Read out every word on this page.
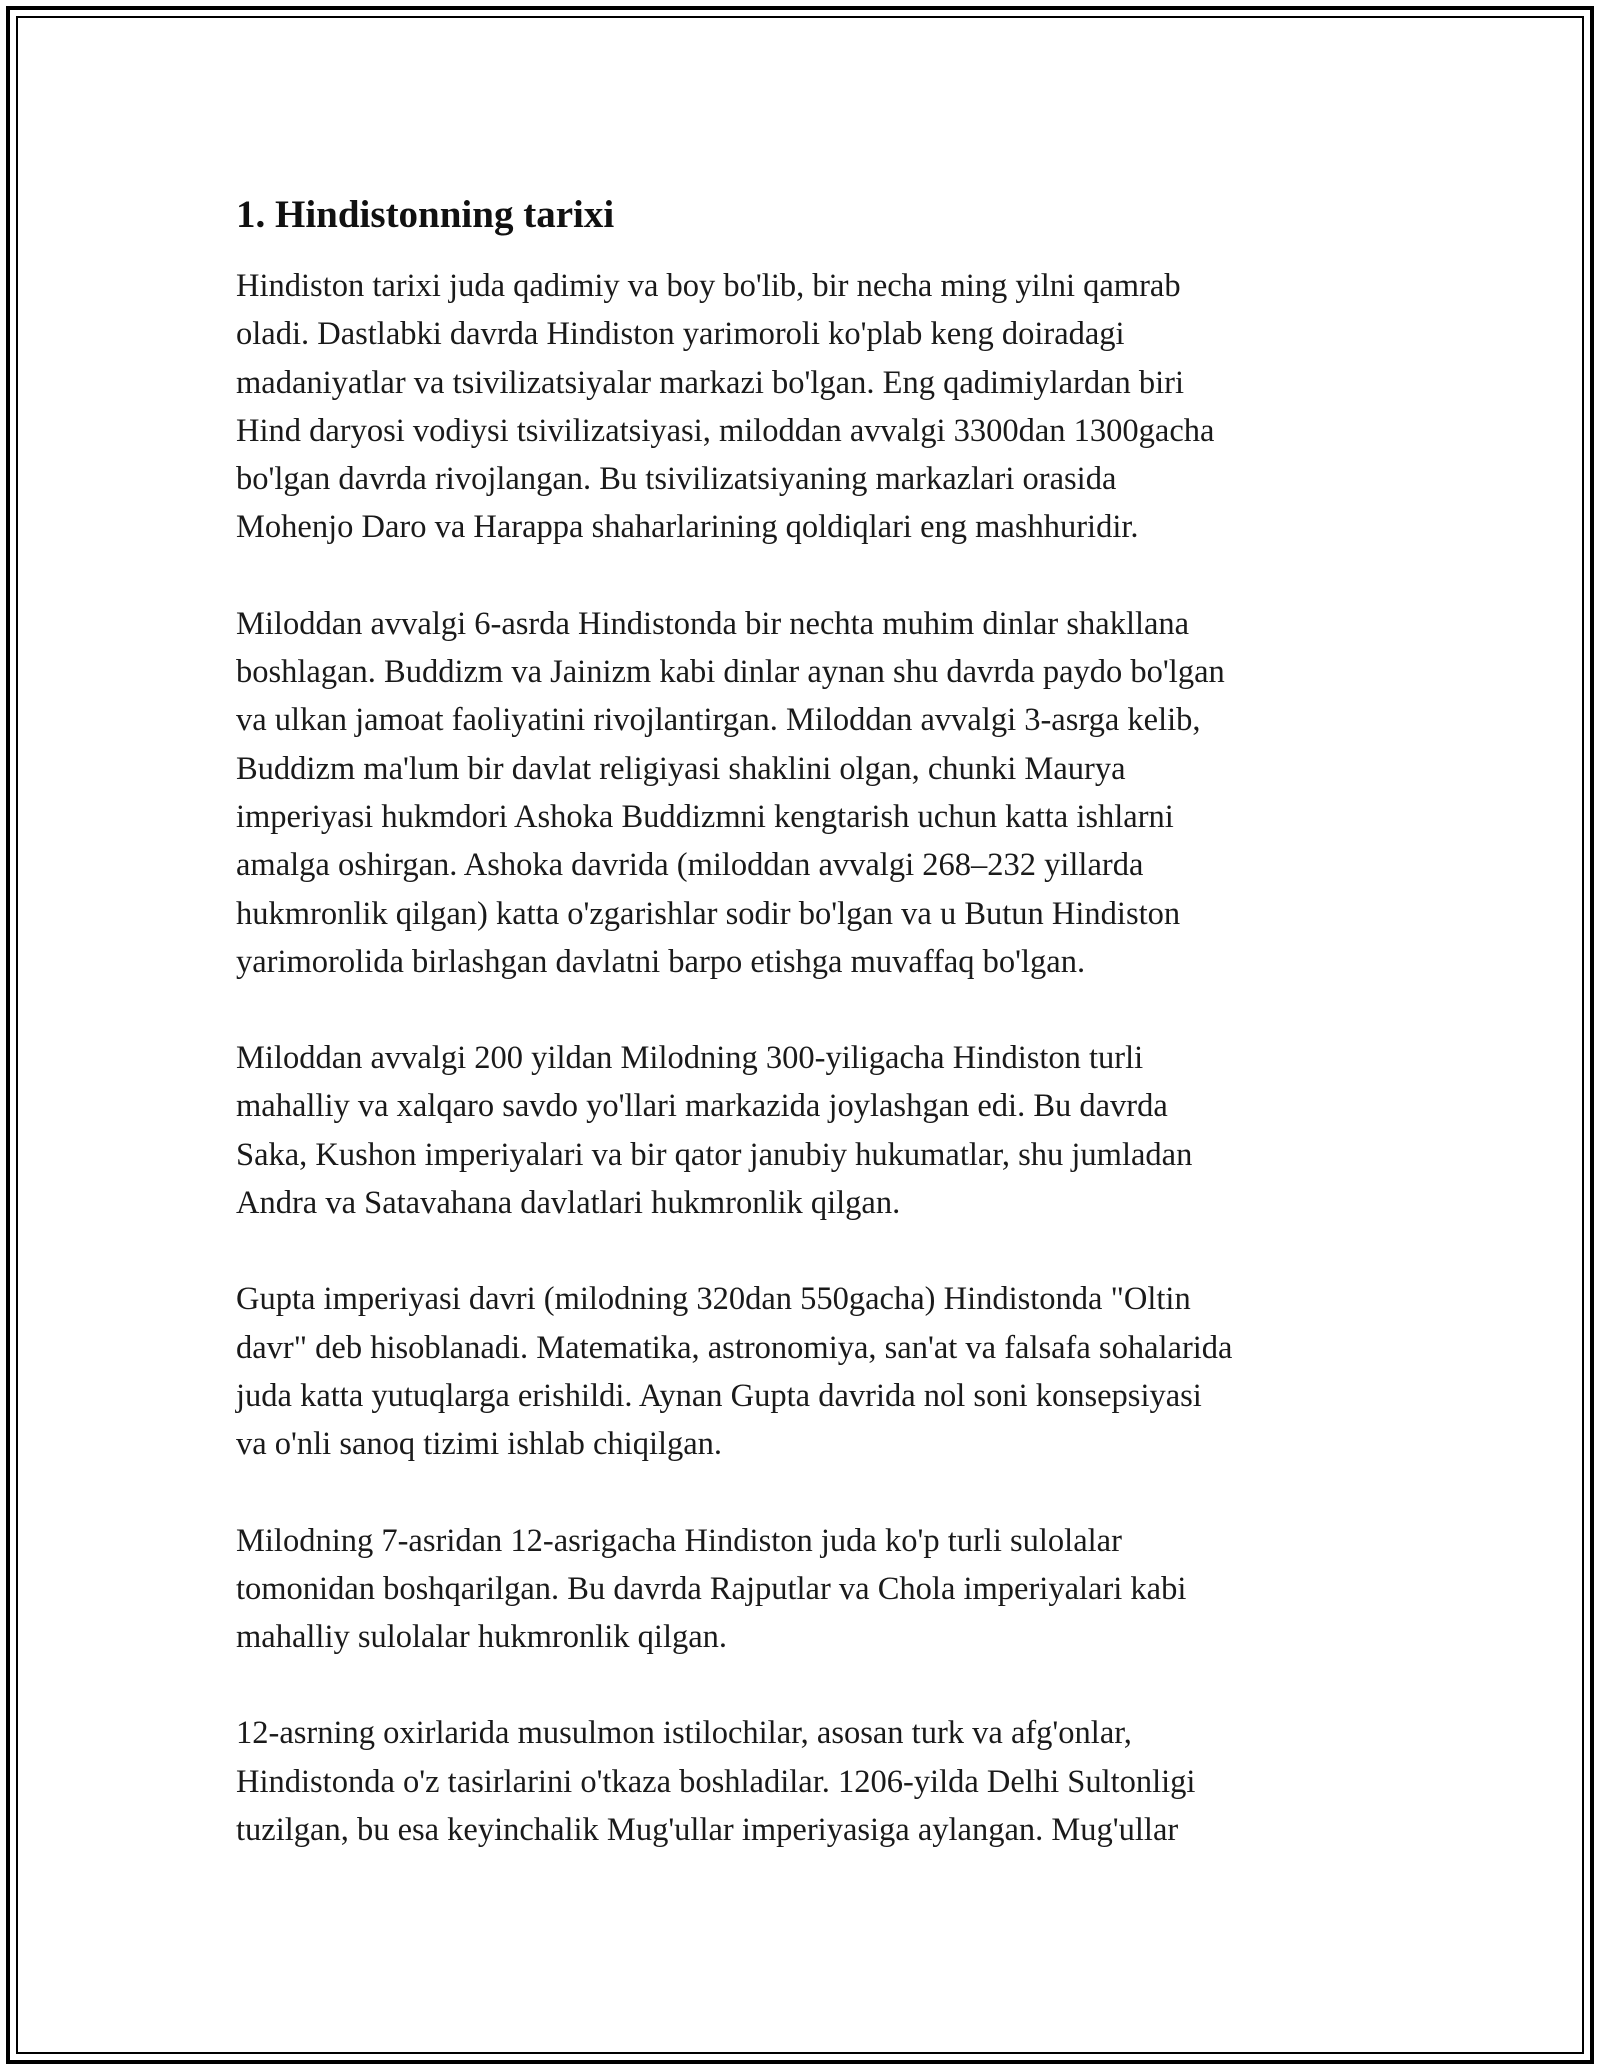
1. Hindistonning tarixi

Hindiston tarixi juda qadimiy va boy bo'lib, bir necha ming yilni qamrab
oladi. Dastlabki davrda Hindiston yarimoroli ko'plab keng doiradagi
madaniyatlar va tsivilizatsiyalar markazi bo'lgan. Eng qadimiylardan biri
Hind daryosi vodiysi tsivilizatsiyasi, miloddan avvalgi 3300dan 1300gacha
bo'lgan davrda rivojlangan. Bu tsivilizatsiyaning markazlari orasida
Mohenjo Daro va Harappa shaharlarining qoldiqlari eng mashhuridir.

Miloddan avvalgi 6-asrda Hindistonda bir nechta muhim dinlar shakllana
boshlagan. Buddizm va Jainizm kabi dinlar aynan shu davrda paydo bo'lgan
va ulkan jamoat faoliyatini rivojlantirgan. Miloddan avvalgi 3-asrga kelib,
Buddizm ma'lum bir davlat religiyasi shaklini olgan, chunki Maurya
imperiyasi hukmdori Ashoka Buddizmni kengtarish uchun katta ishlarni
amalga oshirgan. Ashoka davrida (miloddan avvalgi 268–232 yillarda
hukmronlik qilgan) katta o'zgarishlar sodir bo'lgan va u Butun Hindiston
yarimorolida birlashgan davlatni barpo etishga muvaffaq bo'lgan.

Miloddan avvalgi 200 yildan Milodning 300-yiligacha Hindiston turli
mahalliy va xalqaro savdo yo'llari markazida joylashgan edi. Bu davrda
Saka, Kushon imperiyalari va bir qator janubiy hukumatlar, shu jumladan
Andra va Satavahana davlatlari hukmronlik qilgan.

Gupta imperiyasi davri (milodning 320dan 550gacha) Hindistonda "Oltin
davr" deb hisoblanadi. Matematika, astronomiya, san'at va falsafa sohalarida
juda katta yutuqlarga erishildi. Aynan Gupta davrida nol soni konsepsiyasi
va o'nli sanoq tizimi ishlab chiqilgan.

Milodning 7-asridan 12-asrigacha Hindiston juda ko'p turli sulolalar
tomonidan boshqarilgan. Bu davrda Rajputlar va Chola imperiyalari kabi
mahalliy sulolalar hukmronlik qilgan.

12-asrning oxirlarida musulmon istilochilar, asosan turk va afg'onlar,
Hindistonda o'z tasirlarini o'tkaza boshladilar. 1206-yilda Delhi Sultonligi
tuzilgan, bu esa keyinchalik Mug'ullar imperiyasiga aylangan. Mug'ullar
